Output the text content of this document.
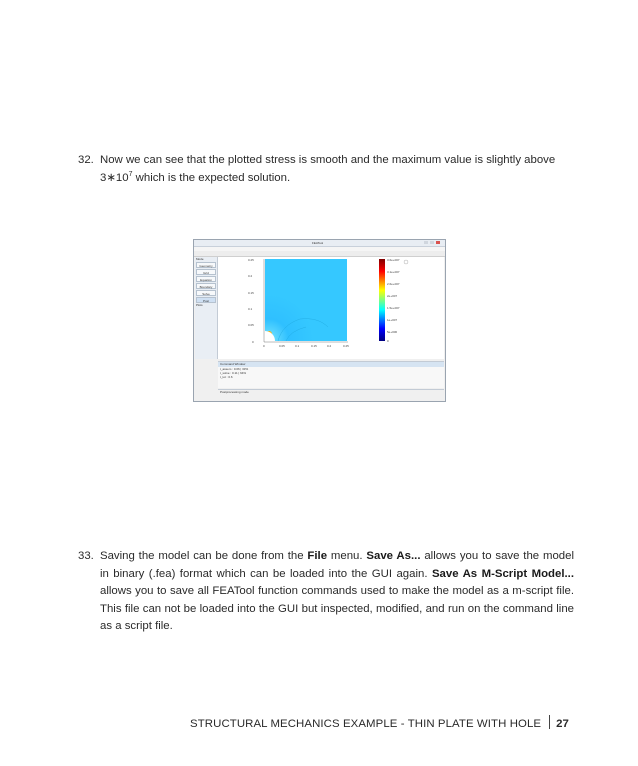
32. Now we can see that the plotted stress is smooth and the maximum value is slightly above $3∗10^7$ which is the expected solution.
FEATool
Mode
Geometry
Grid
Equation
Boundary
Solve
Post
Plots
0.25
0.2
0.15
0.1
0.05
0
0	0.05	0.1	0.15	0.2	0.25
3.6e+007
3.1e+007
2.6e+007
2e+007
1.5e+007
1e+007
5e+006
0
Command Window
t_assem : 0.06 | 33%
t_solve : 0.11 | 64%
t_tot : 0.6
Postprocessing mode
33. Saving the model can be done from the File menu. Save As... allows you to save the model in binary (.fea) format which can be loaded into the GUI again. Save As M-Script Model... allows you to save all FEATool function commands used to make the model as a m-script file. This file can not be loaded into the GUI but inspected, modified, and run on the command line as a script file.
STRUCTURAL MECHANICS EXAMPLE - THIN PLATE WITH HOLE 27
